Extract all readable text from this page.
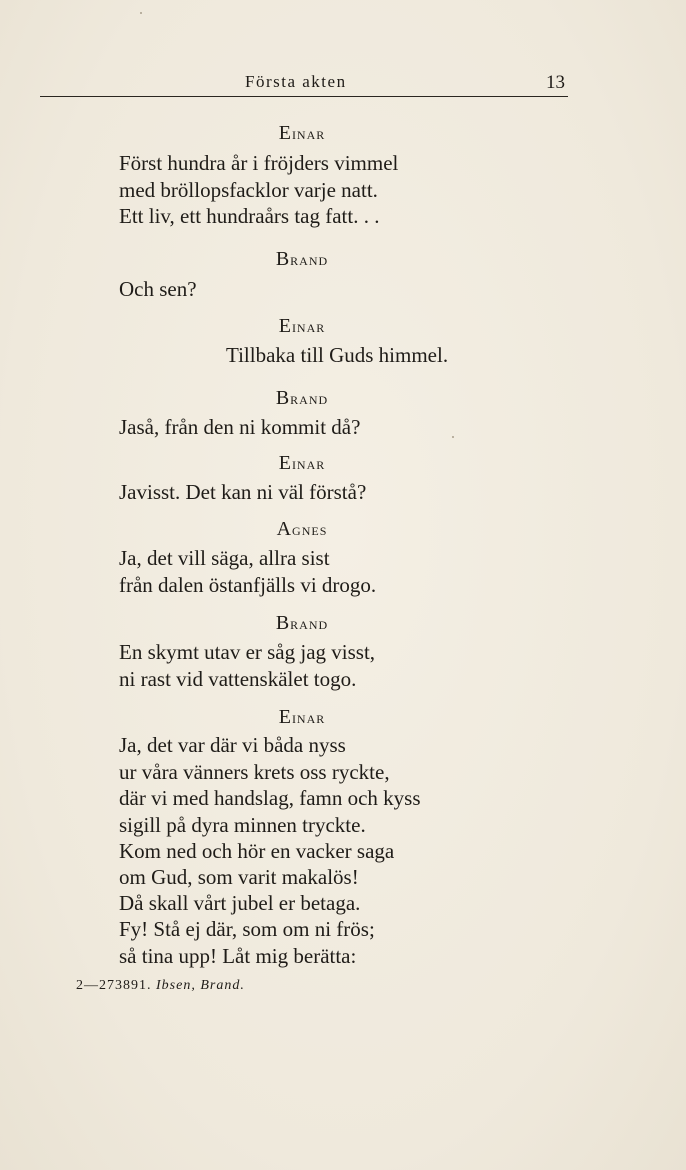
Första akten	13
Einar
Först hundra år i fröjders vimmel
med bröllopsfacklor varje natt.
Ett liv, ett hundraårs tag fatt. . .
Brand
Och sen?
Einar
Tillbaka till Guds himmel.
Brand
Jaså, från den ni kommit då?
Einar
Javisst. Det kan ni väl förstå?
Agnes
Ja, det vill säga, allra sist
från dalen östanfjälls vi drogo.
Brand
En skymt utav er såg jag visst,
ni rast vid vattenskälet togo.
Einar
Ja, det var där vi båda nyss
ur våra vänners krets oss ryckte,
där vi med handslag, famn och kyss
sigill på dyra minnen tryckte.
Kom ned och hör en vacker saga
om Gud, som varit makalös!
Då skall vårt jubel er betaga.
Fy! Stå ej där, som om ni frös;
så tina upp! Låt mig berätta:
2—273891. Ibsen, Brand.
